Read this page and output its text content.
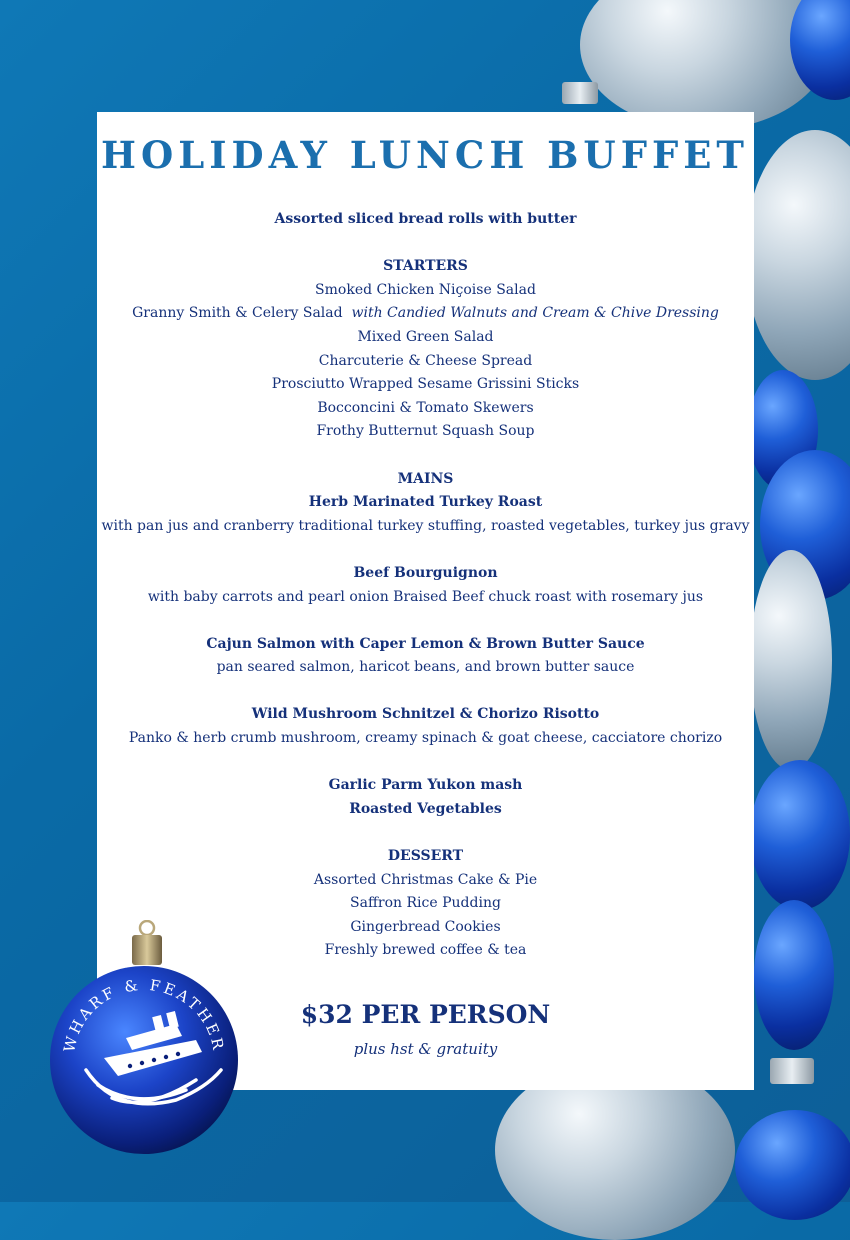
HOLIDAY LUNCH BUFFET
Assorted sliced bread rolls with butter
STARTERS
Smoked Chicken Niçoise Salad
Granny Smith & Celery Salad with Candied Walnuts and Cream & Chive Dressing
Mixed Green Salad
Charcuterie & Cheese Spread
Prosciutto Wrapped Sesame Grissini Sticks
Bocconcini & Tomato Skewers
Frothy Butternut Squash Soup
MAINS
Herb Marinated Turkey Roast
with pan jus and cranberry traditional turkey stuffing, roasted vegetables, turkey jus gravy
Beef Bourguignon
with baby carrots and pearl onion Braised Beef chuck roast with rosemary jus
Cajun Salmon with Caper Lemon & Brown Butter Sauce
pan seared salmon, haricot beans, and brown butter sauce
Wild Mushroom Schnitzel & Chorizo Risotto
Panko & herb crumb mushroom, creamy spinach & goat cheese, cacciatore chorizo
Garlic Parm Yukon mash
Roasted Vegetables
DESSERT
Assorted Christmas Cake & Pie
Saffron Rice Pudding
Gingerbread Cookies
Freshly brewed coffee & tea
$32 PER PERSON
plus hst & gratuity
WHARF & FEATHER
